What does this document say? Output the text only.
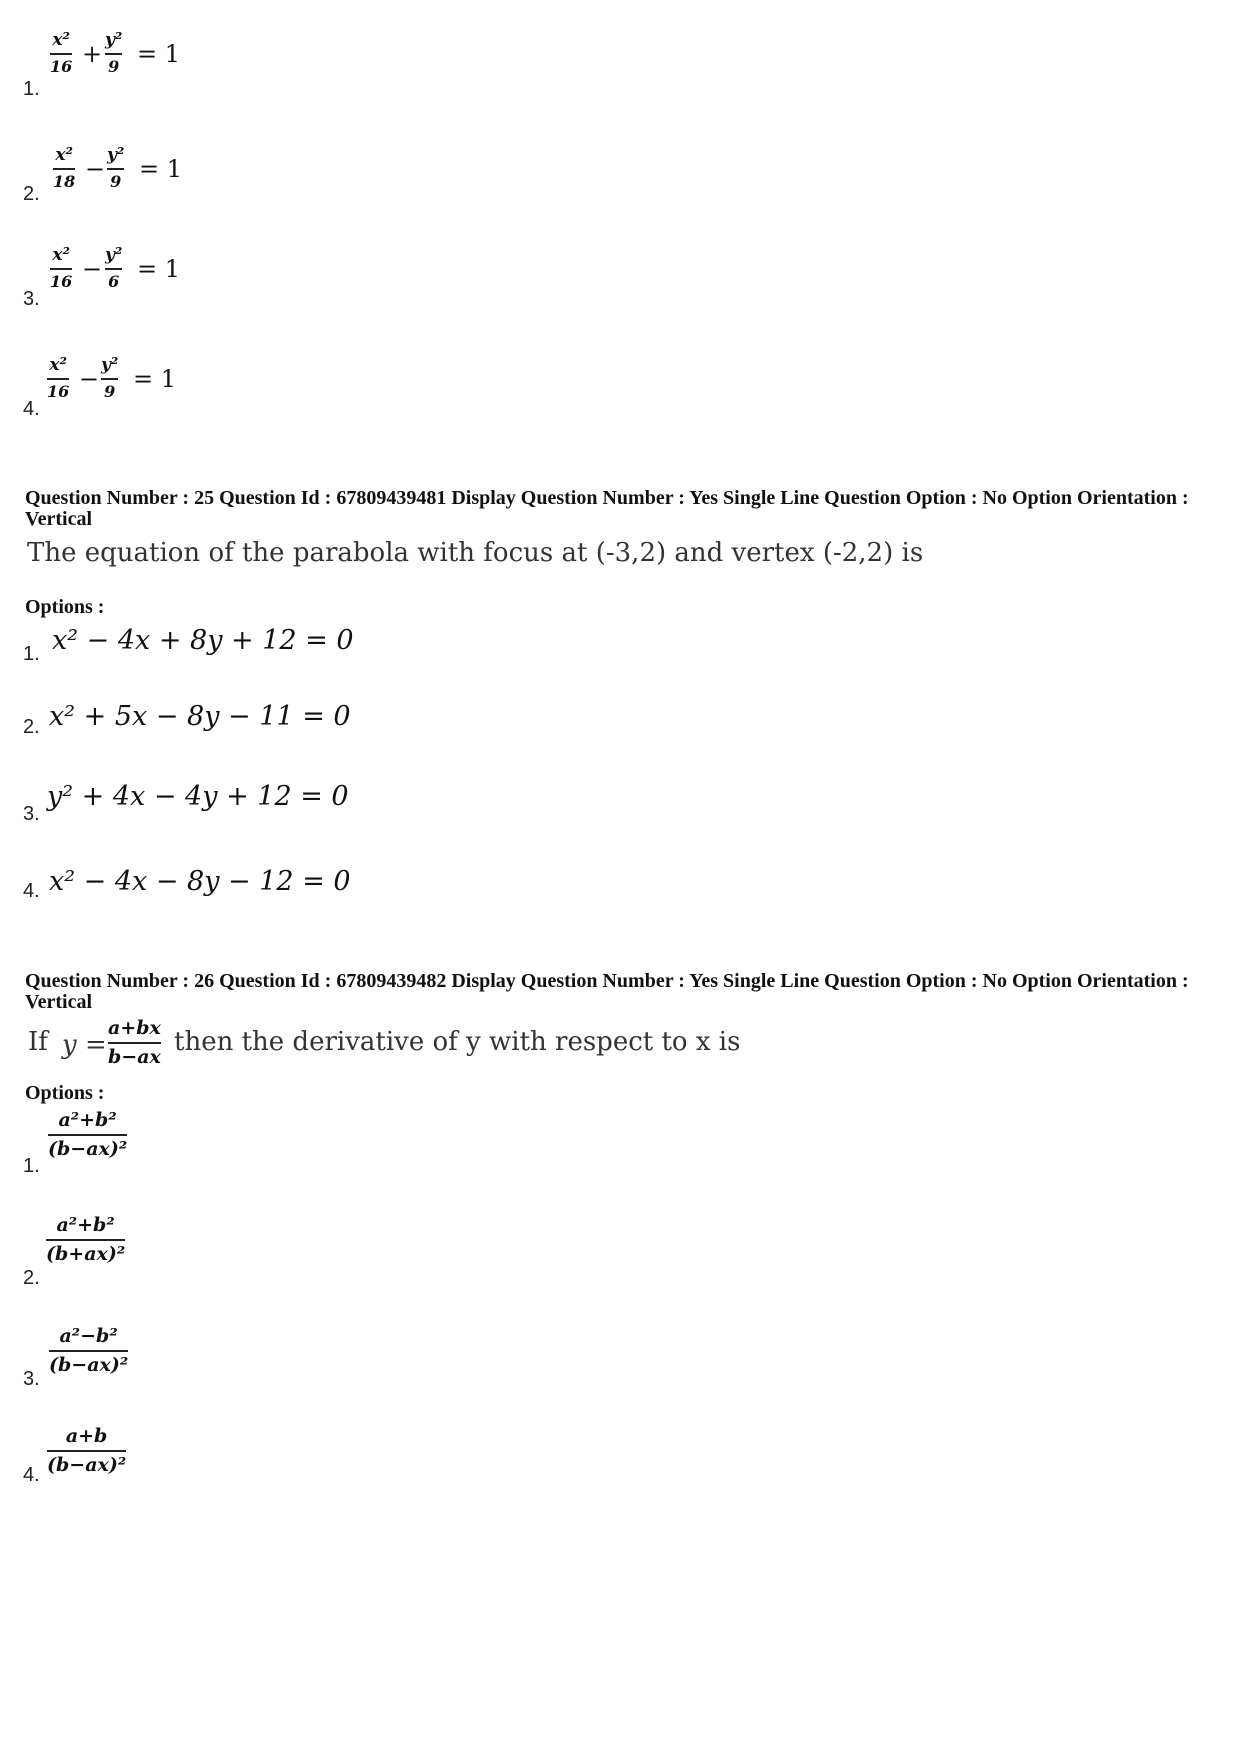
x²
16 + y²
9 = 1
1.
x²
18 − y²
9 = 1
2.
x²
16 − y²
6 = 1
3.
x²
16 − y²
9 = 1
4.
Question Number : 25 Question Id : 67809439481 Display Question Number : Yes Single Line Question Option : No Option Orientation : Vertical
The equation of the parabola with focus at (-3,2) and vertex (-2,2) is
Options :
x² − 4x + 8y + 12 = 0
1.
x² + 5x − 8y − 11 = 0
2.
y² + 4x − 4y + 12 = 0
3.
x² − 4x − 8y − 12 = 0
4.
Question Number : 26 Question Id : 67809439482 Display Question Number : Yes Single Line Question Option : No Option Orientation : Vertical
If y =
a+bx
b−ax then the derivative of y with respect to x is
Options :
a²+b²
(b−ax)²
1.
a²+b²
(b+ax)²
2.
a²−b²
(b−ax)²
3.
a+b
(b−ax)²
4.
